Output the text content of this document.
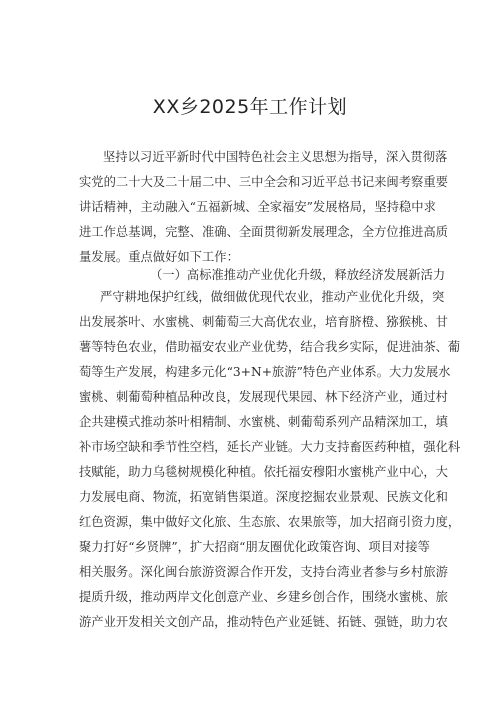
XX乡2025年工作计划
坚持以习近平新时代中国特色社会主义思想为指导，深入贯彻落
实党的二十大及二十届二中、三中全会和习近平总书记来闽考察重要
讲话精神，主动融入“五福新城、全家福安”发展格局，坚持稳中求
进工作总基调，完整、准确、全面贯彻新发展理念，全方位推进高质
量发展。重点做好如下工作：
（一）高标准推动产业优化升级，释放经济发展新活力
严守耕地保护红线，做细做优现代农业，推动产业优化升级，突
出发展茶叶、水蜜桃、刺葡萄三大高优农业，培育脐橙、猕猴桃、甘
薯等特色农业，借助福安农业产业优势，结合我乡实际，促进油茶、葡
萄等生产发展，构建多元化“3+N+旅游”特色产业体系。大力发展水
蜜桃、刺葡萄种植品种改良，发展现代果园、林下经济产业，通过村
企共建模式推动茶叶相精制、水蜜桃、刺葡萄系列产品精深加工，填
补市场空缺和季节性空档，延长产业链。大力支持畜医药种植，强化科
技赋能，助力乌毯树规模化种植。依托福安穆阳水蜜桃产业中心，大
力发展电商、物流，拓宽销售渠道。深度挖掘农业景观、民族文化和
红色资源，集中做好文化旅、生态旅、农果旅等，加大招商引资力度，
聚力打好“乡贤牌”，扩大招商“朋友圈优化政策咨询、项目对接等
相关服务。深化闽台旅游资源合作开发，支持台湾业者参与乡村旅游
提质升级，推动两岸文化创意产业、乡建乡创合作，围绕水蜜桃、旅
游产业开发相关文创产品，推动特色产业延链、拓链、强链，助力农
